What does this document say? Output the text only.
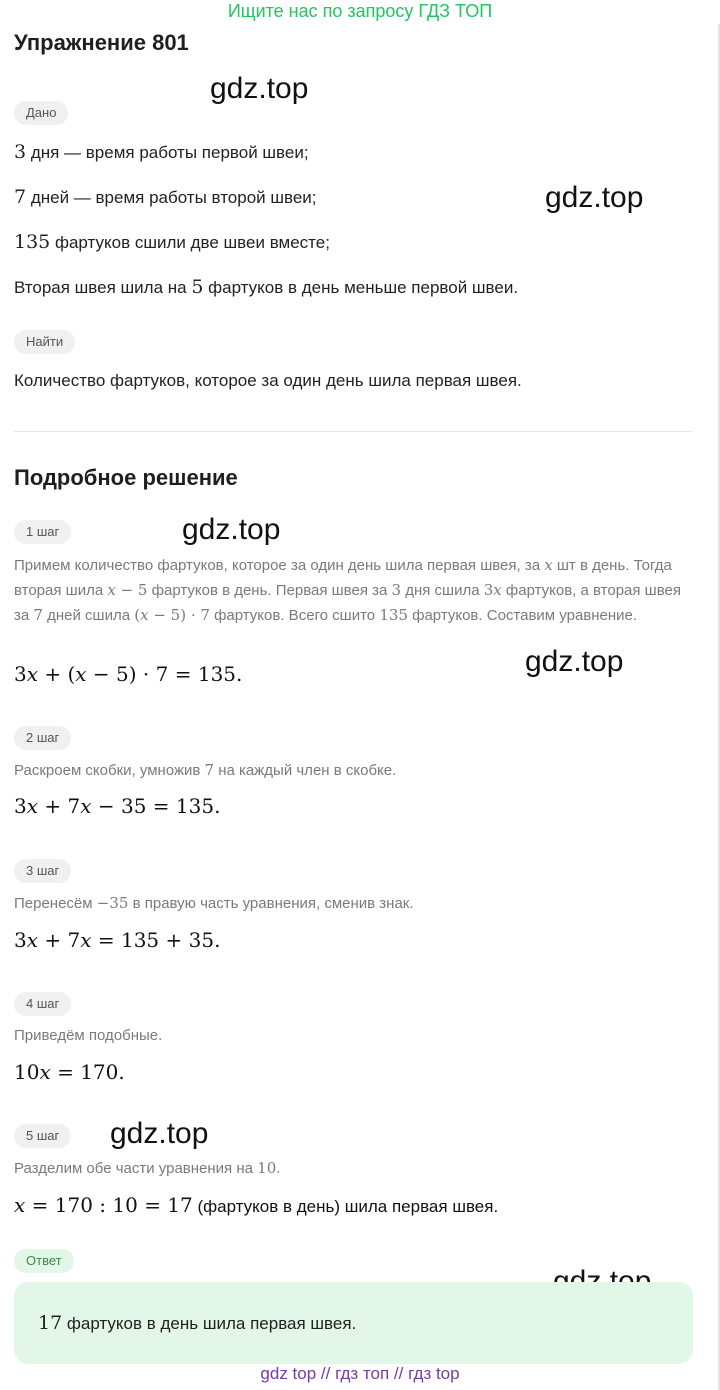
Ищите нас по запросу ГДЗ ТОП
Упражнение 801
gdz.top
gdz.top
gdz.top
gdz.top
gdz.top
Дано
3 дня — время работы первой швеи;
7 дней — время работы второй швеи;
135 фартуков сшили две швеи вместе;
Вторая швея шила на 5 фартуков в день меньше первой швеи.
Найти
Количество фартуков, которое за один день шила первая швея.
Подробное решение
1 шаг
Примем количество фартуков, которое за один день шила первая швея, за x шт в день. Тогда вторая шила x − 5 фартуков в день. Первая швея за 3 дня сшила 3x фартуков, а вторая швея за 7 дней сшила (x − 5) · 7 фартуков. Всего сшито 135 фартуков. Составим уравнение.
3x + (x − 5) · 7 = 135.
2 шаг
Раскроем скобки, умножив 7 на каждый член в скобке.
3x + 7x − 35 = 135.
3 шаг
Перенесём −35 в правую часть уравнения, сменив знак.
3x + 7x = 135 + 35.
4 шаг
Приведём подобные.
10x = 170.
5 шаг
Разделим обе части уравнения на 10.
x = 170 : 10 = 17 (фартуков в день) шила первая швея.
Ответ
17 фартуков в день шила первая швея.
gdz top // гдз топ // гдз top
